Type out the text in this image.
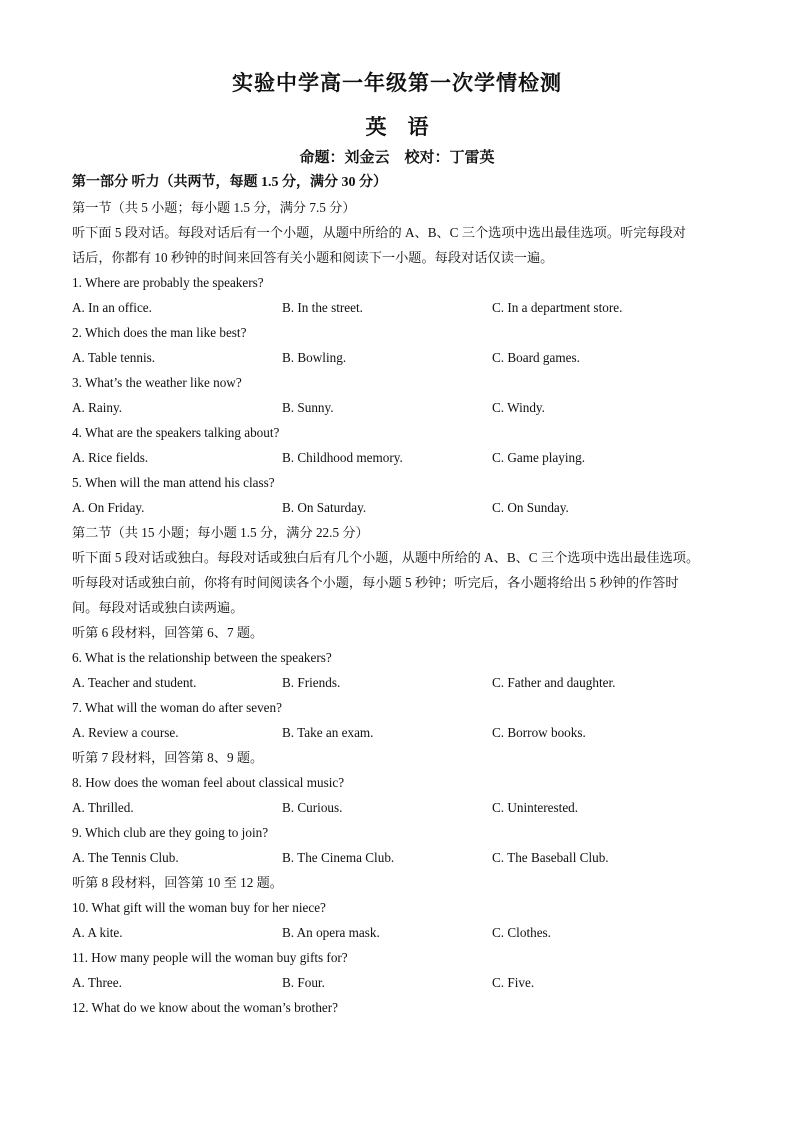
实验中学高一年级第一次学情检测
英　语
命题：刘金云　校对：丁雷英
第一部分 听力（共两节，每题 1.5 分，满分 30 分）
第一节（共 5 小题；每小题 1.5 分，满分 7.5 分）
听下面 5 段对话。每段对话后有一个小题，从题中所给的 A、B、C 三个选项中选出最佳选项。听完每段对
话后，你都有 10 秒钟的时间来回答有关小题和阅读下一小题。每段对话仅读一遍。
1. Where are probably the speakers?
A. In an office.	B. In the street.	C. In a department store.
2. Which does the man like best?
A. Table tennis.	B. Bowling.	C. Board games.
3. What’s the weather like now?
A. Rainy.	B. Sunny.	C. Windy.
4. What are the speakers talking about?
A. Rice fields.	B. Childhood memory.	C. Game playing.
5. When will the man attend his class?
A. On Friday.	B. On Saturday.	C. On Sunday.
第二节（共 15 小题；每小题 1.5 分，满分 22.5 分）
听下面 5 段对话或独白。每段对话或独白后有几个小题，从题中所给的 A、B、C 三个选项中选出最佳选项。
听每段对话或独白前，你将有时间阅读各个小题，每小题 5 秒钟；听完后，各小题将给出 5 秒钟的作答时
间。每段对话或独白读两遍。
听第 6 段材料，回答第 6、7 题。
6. What is the relationship between the speakers?
A. Teacher and student.	B. Friends.	C. Father and daughter.
7. What will the woman do after seven?
A. Review a course.	B. Take an exam.	C. Borrow books.
听第 7 段材料，回答第 8、9 题。
8. How does the woman feel about classical music?
A. Thrilled.	B. Curious.	C. Uninterested.
9. Which club are they going to join?
A. The Tennis Club.	B. The Cinema Club.	C. The Baseball Club.
听第 8 段材料，回答第 10 至 12 题。
10. What gift will the woman buy for her niece?
A. A kite.	B. An opera mask.	C. Clothes.
11. How many people will the woman buy gifts for?
A. Three.	B. Four.	C. Five.
12. What do we know about the woman’s brother?
